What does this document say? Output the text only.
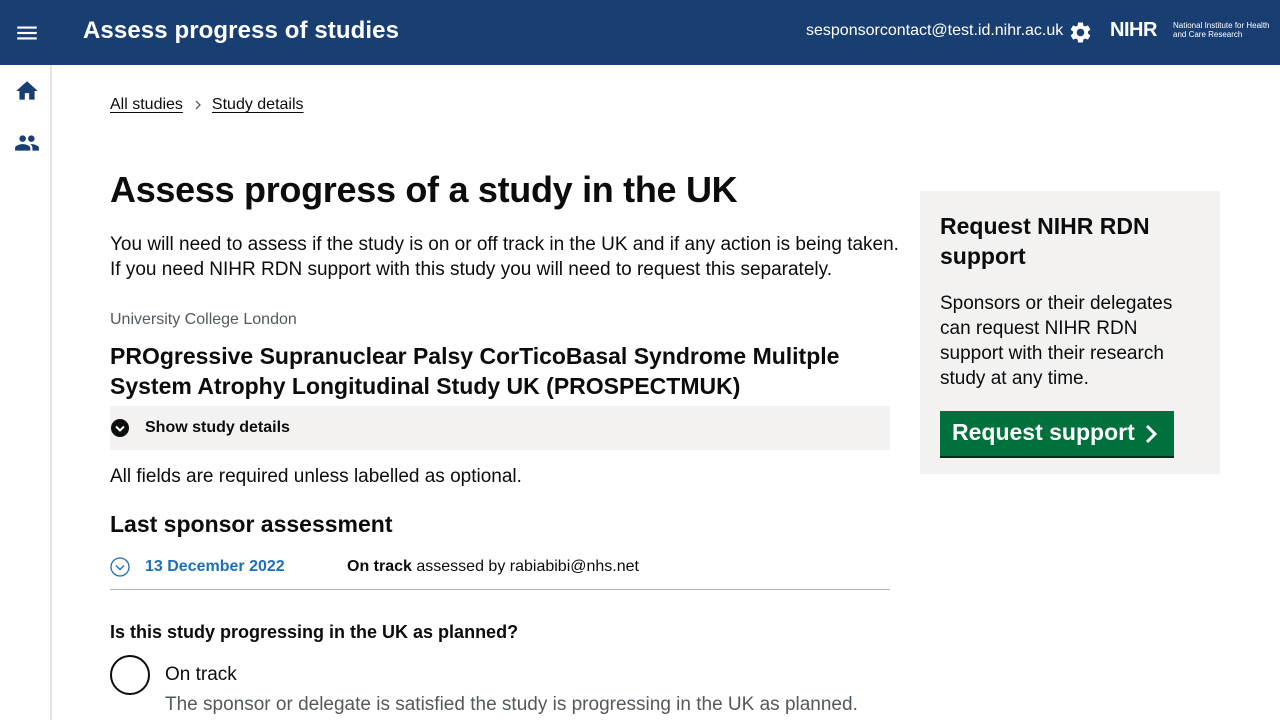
Assess progress of studies	sesponsorcontact@test.id.nihr.ac.uk NIHR National Institute for Health and Care Research
All studies Study details
Assess progress of a study in the UK

You will need to assess if the study is on or off track in the UK and if any action is being taken. If you need NIHR RDN support with this study you will need to request this separately.

University College London
PROgressive Supranuclear Palsy CorTicoBasal Syndrome Mulitple System Atrophy Longitudinal Study UK (PROSPECTMUK)
Show study details

All fields are required unless labelled as optional.

Last sponsor assessment
13 December 2022	On track assessed by rabiabibi@nhs.net
Is this study progressing in the UK as planned?
On track
The sponsor or delegate is satisfied the study is progressing in the UK as planned.
Request NIHR RDN support

Sponsors or their delegates can request NIHR RDN support with their research study at any time.

Request support
